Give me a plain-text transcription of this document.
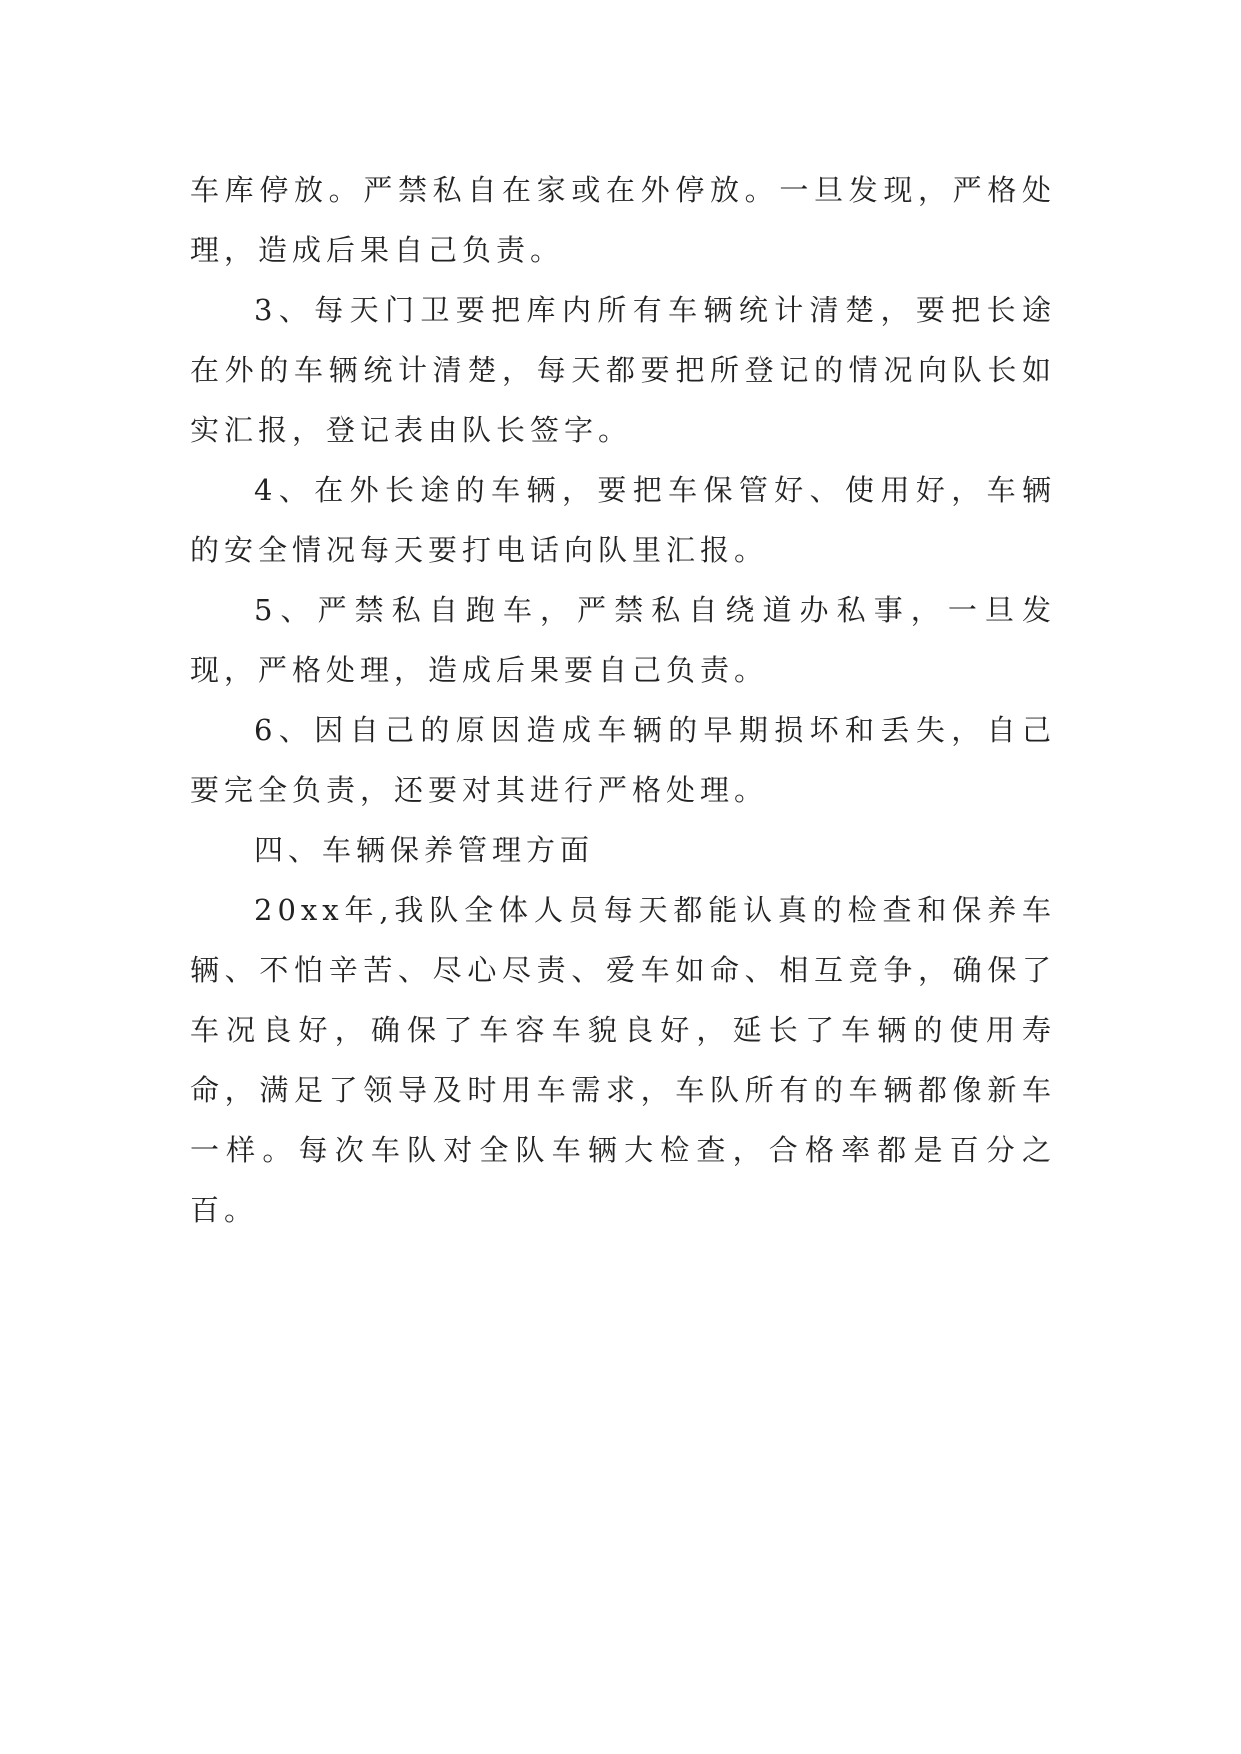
车库停放。严禁私自在家或在外停放。一旦发现，严格处理，造成后果自己负责。

3、每天门卫要把库内所有车辆统计清楚，要把长途在外的车辆统计清楚，每天都要把所登记的情况向队长如实汇报，登记表由队长签字。

4、在外长途的车辆，要把车保管好、使用好，车辆的安全情况每天要打电话向队里汇报。

5、严禁私自跑车，严禁私自绕道办私事，一旦发现，严格处理，造成后果要自己负责。

6、因自己的原因造成车辆的早期损坏和丢失，自己要完全负责，还要对其进行严格处理。

四、车辆保养管理方面

20xx年,我队全体人员每天都能认真的检查和保养车辆、不怕辛苦、尽心尽责、爱车如命、相互竞争，确保了车况良好，确保了车容车貌良好，延长了车辆的使用寿命，满足了领导及时用车需求，车队所有的车辆都像新车一样。每次车队对全队车辆大检查，合格率都是百分之百。
